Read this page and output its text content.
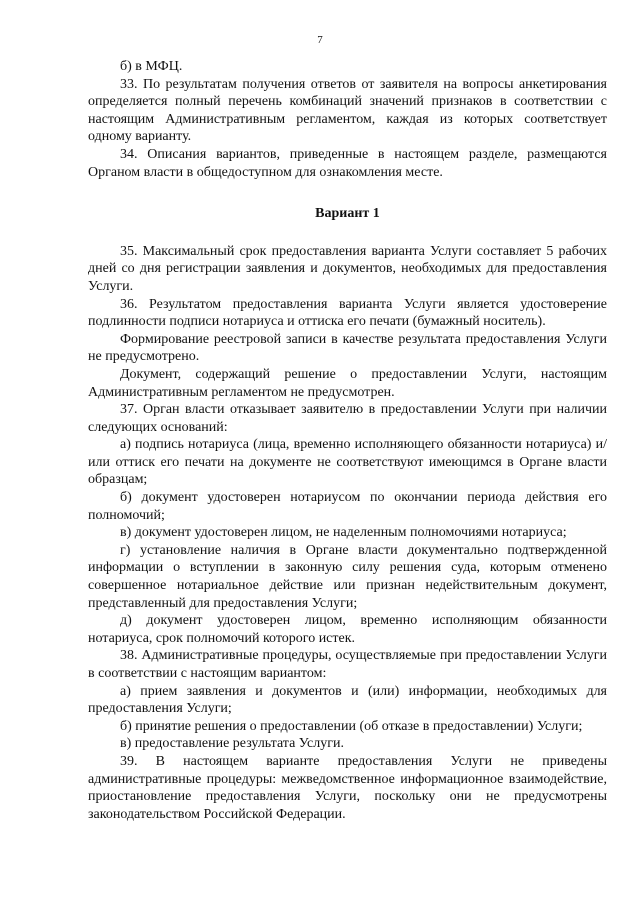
7

б) в МФЦ.

33. По результатам получения ответов от заявителя на вопросы анкетирования определяется полный перечень комбинаций значений признаков в соответствии с настоящим Административным регламентом, каждая из которых соответствует одному варианту.

34. Описания вариантов, приведенные в настоящем разделе, размещаются Органом власти в общедоступном для ознакомления месте.

Вариант 1

35. Максимальный срок предоставления варианта Услуги составляет 5 рабочих дней со дня регистрации заявления и документов, необходимых для предоставления Услуги.

36. Результатом предоставления варианта Услуги является удостоверение подлинности подписи нотариуса и оттиска его печати (бумажный носитель).

Формирование реестровой записи в качестве результата предоставления Услуги не предусмотрено.

Документ, содержащий решение о предоставлении Услуги, настоящим Административным регламентом не предусмотрен.

37. Орган власти отказывает заявителю в предоставлении Услуги при наличии следующих оснований:

а) подпись нотариуса (лица, временно исполняющего обязанности нотариуса) и/или оттиск его печати на документе не соответствуют имеющимся в Органе власти образцам;

б) документ удостоверен нотариусом по окончании периода действия его полномочий;

в) документ удостоверен лицом, не наделенным полномочиями нотариуса;

г) установление наличия в Органе власти документально подтвержденной информации о вступлении в законную силу решения суда, которым отменено совершенное нотариальное действие или признан недействительным документ, представленный для предоставления Услуги;

д) документ удостоверен лицом, временно исполняющим обязанности нотариуса, срок полномочий которого истек.

38. Административные процедуры, осуществляемые при предоставлении Услуги в соответствии с настоящим вариантом:

а) прием заявления и документов и (или) информации, необходимых для предоставления Услуги;

б) принятие решения о предоставлении (об отказе в предоставлении) Услуги;

в) предоставление результата Услуги.

39. В настоящем варианте предоставления Услуги не приведены административные процедуры: межведомственное информационное взаимодействие, приостановление предоставления Услуги, поскольку они не предусмотрены законодательством Российской Федерации.
